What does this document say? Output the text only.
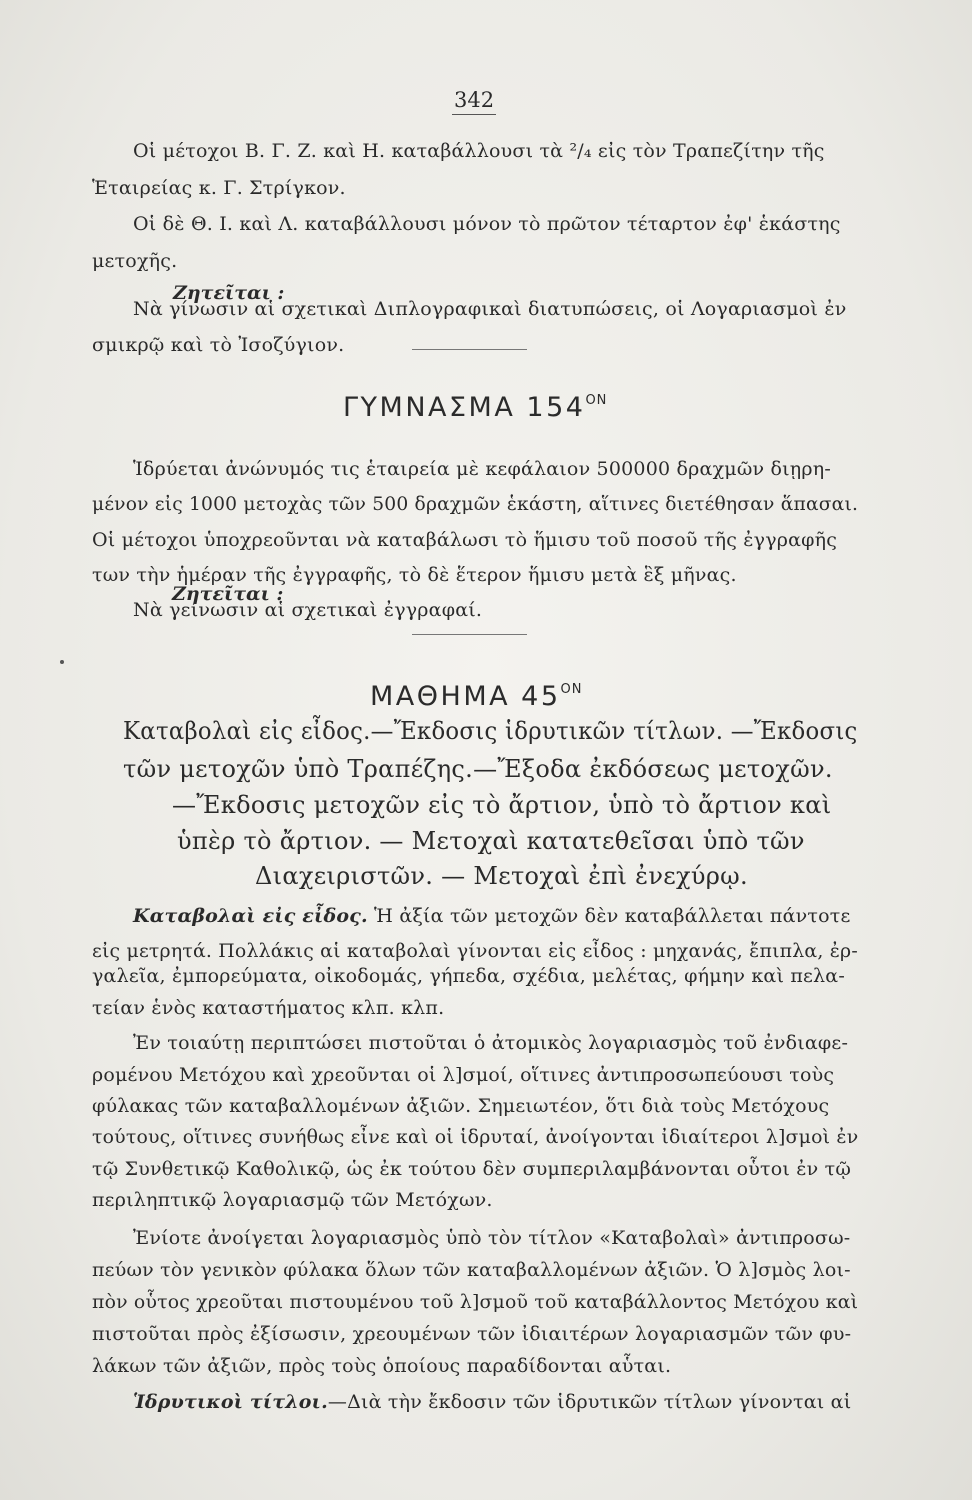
342
Οἱ μέτοχοι Β. Γ. Ζ. καὶ Η. καταβάλλουσι τὰ ²/₄ εἰς τὸν Τραπεζίτην τῆς
Ἑταιρείας κ. Γ. Στρίγκον.
Οἱ δὲ Θ. Ι. καὶ Λ. καταβάλλουσι μόνον τὸ πρῶτον τέταρτον ἐφ' ἑκάστης
μετοχῆς.
Ζητεῖται :
Νὰ γίνωσιν αἱ σχετικαὶ Διπλογραφικαὶ διατυπώσεις, οἱ Λογαριασμοὶ ἐν
σμικρῷ καὶ τὸ Ἰσοζύγιον.
ΓΥΜΝΑΣΜΑ $154^{ON}$
Ἱδρύεται ἀνώνυμός τις ἑταιρεία μὲ κεφάλαιον 500000 δραχμῶν διῃρη-
μένον εἰς 1000 μετοχὰς τῶν 500 δραχμῶν ἑκάστη, αἵτινες διετέθησαν ἅπασαι.
Οἱ μέτοχοι ὑποχρεοῦνται νὰ καταβάλωσι τὸ ἥμισυ τοῦ ποσοῦ τῆς ἐγγραφῆς
των τὴν ἡμέραν τῆς ἐγγραφῆς, τὸ δὲ ἕτερον ἥμισυ μετὰ ἓξ μῆνας.
Ζητεῖται :
Νὰ γείνωσιν αἱ σχετικαὶ ἐγγραφαί.
ΜΑΘΗΜΑ $45^{ON}$
Καταβολαὶ εἰς εἶδος.—Ἔκδοσις ἱδρυτικῶν τίτλων. —Ἔκδοσις
τῶν μετοχῶν ὑπὸ Τραπέζης.—Ἔξοδα ἐκδόσεως μετοχῶν.
—Ἔκδοσις μετοχῶν εἰς τὸ ἄρτιον, ὑπὸ τὸ ἄρτιον καὶ
ὑπὲρ τὸ ἄρτιον. — Μετοχαὶ κατατεθεῖσαι ὑπὸ τῶν
Διαχειριστῶν. — Μετοχαὶ ἐπὶ ἐνεχύρῳ.
Καταβολαὶ εἰς εἶδος. Ἡ ἀξία τῶν μετοχῶν δὲν καταβάλλεται πάντοτε
εἰς μετρητά. Πολλάκις αἱ καταβολαὶ γίνονται εἰς εἶδος : μηχανάς, ἔπιπλα, ἐρ-
γαλεῖα, ἐμπορεύματα, οἰκοδομάς, γήπεδα, σχέδια, μελέτας, φήμην καὶ πελα-
τείαν ἑνὸς καταστήματος κλπ. κλπ.
Ἐν τοιαύτῃ περιπτώσει πιστοῦται ὁ ἀτομικὸς λογαριασμὸς τοῦ ἐνδιαφε-
ρομένου Μετόχου καὶ χρεοῦνται οἱ λ]σμοί, οἵτινες ἀντιπροσωπεύουσι τοὺς
φύλακας τῶν καταβαλλομένων ἀξιῶν. Σημειωτέον, ὅτι διὰ τοὺς Μετόχους
τούτους, οἵτινες συνήθως εἶνε καὶ οἱ ἱδρυταί, ἀνοίγονται ἰδιαίτεροι λ]σμοὶ ἐν
τῷ Συνθετικῷ Καθολικῷ, ὡς ἐκ τούτου δὲν συμπεριλαμβάνονται οὗτοι ἐν τῷ
περιληπτικῷ λογαριασμῷ τῶν Μετόχων.
Ἐνίοτε ἀνοίγεται λογαριασμὸς ὑπὸ τὸν τίτλον «Καταβολαὶ» ἀντιπροσω-
πεύων τὸν γενικὸν φύλακα ὅλων τῶν καταβαλλομένων ἀξιῶν. Ὁ λ]σμὸς λοι-
πὸν οὗτος χρεοῦται πιστουμένου τοῦ λ]σμοῦ τοῦ καταβάλλοντος Μετόχου καὶ
πιστοῦται πρὸς ἐξίσωσιν, χρεουμένων τῶν ἰδιαιτέρων λογαριασμῶν τῶν φυ-
λάκων τῶν ἀξιῶν, πρὸς τοὺς ὁποίους παραδίδονται αὗται.
Ἱδρυτικοὶ τίτλοι.—Διὰ τὴν ἔκδοσιν τῶν ἱδρυτικῶν τίτλων γίνονται αἱ
